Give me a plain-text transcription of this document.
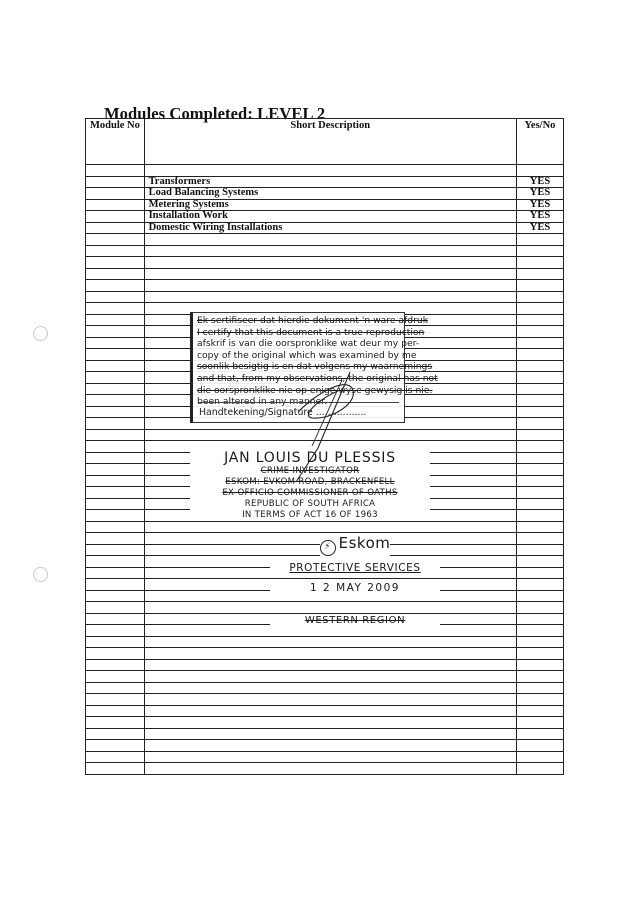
Modules Completed: LEVEL 2
Module No	Short Description	Yes/No

	Transformers	YES
	Load Balancing Systems	YES
	Metering Systems	YES
	Installation Work	YES
	Domestic Wiring Installations	YES

Ek sertifiseer dat hierdie dokument 'n ware afdruk
I certify that this document is a true reproduction
afskrif is van die oorspronklike wat deur my per-
copy of the original which was examined by me
soonlik besigtig is en dat volgens my waarnemings
and that, from my observations, the original has not
die oorspronklike nie op enige wyse gewysig is nie.
been altered in any manner.
Handtekening/Signature .................
JAN LOUIS DU PLESSIS
CRIME INVESTIGATOR
ESKOM: EVKOM ROAD, BRACKENFELL
EX-OFFICIO COMMISSIONER OF OATHS
REPUBLIC OF SOUTH AFRICA
IN TERMS OF ACT 16 OF 1963
⚡ Eskom
PROTECTIVE SERVICES
1 2 MAY 2009
WESTERN REGION
